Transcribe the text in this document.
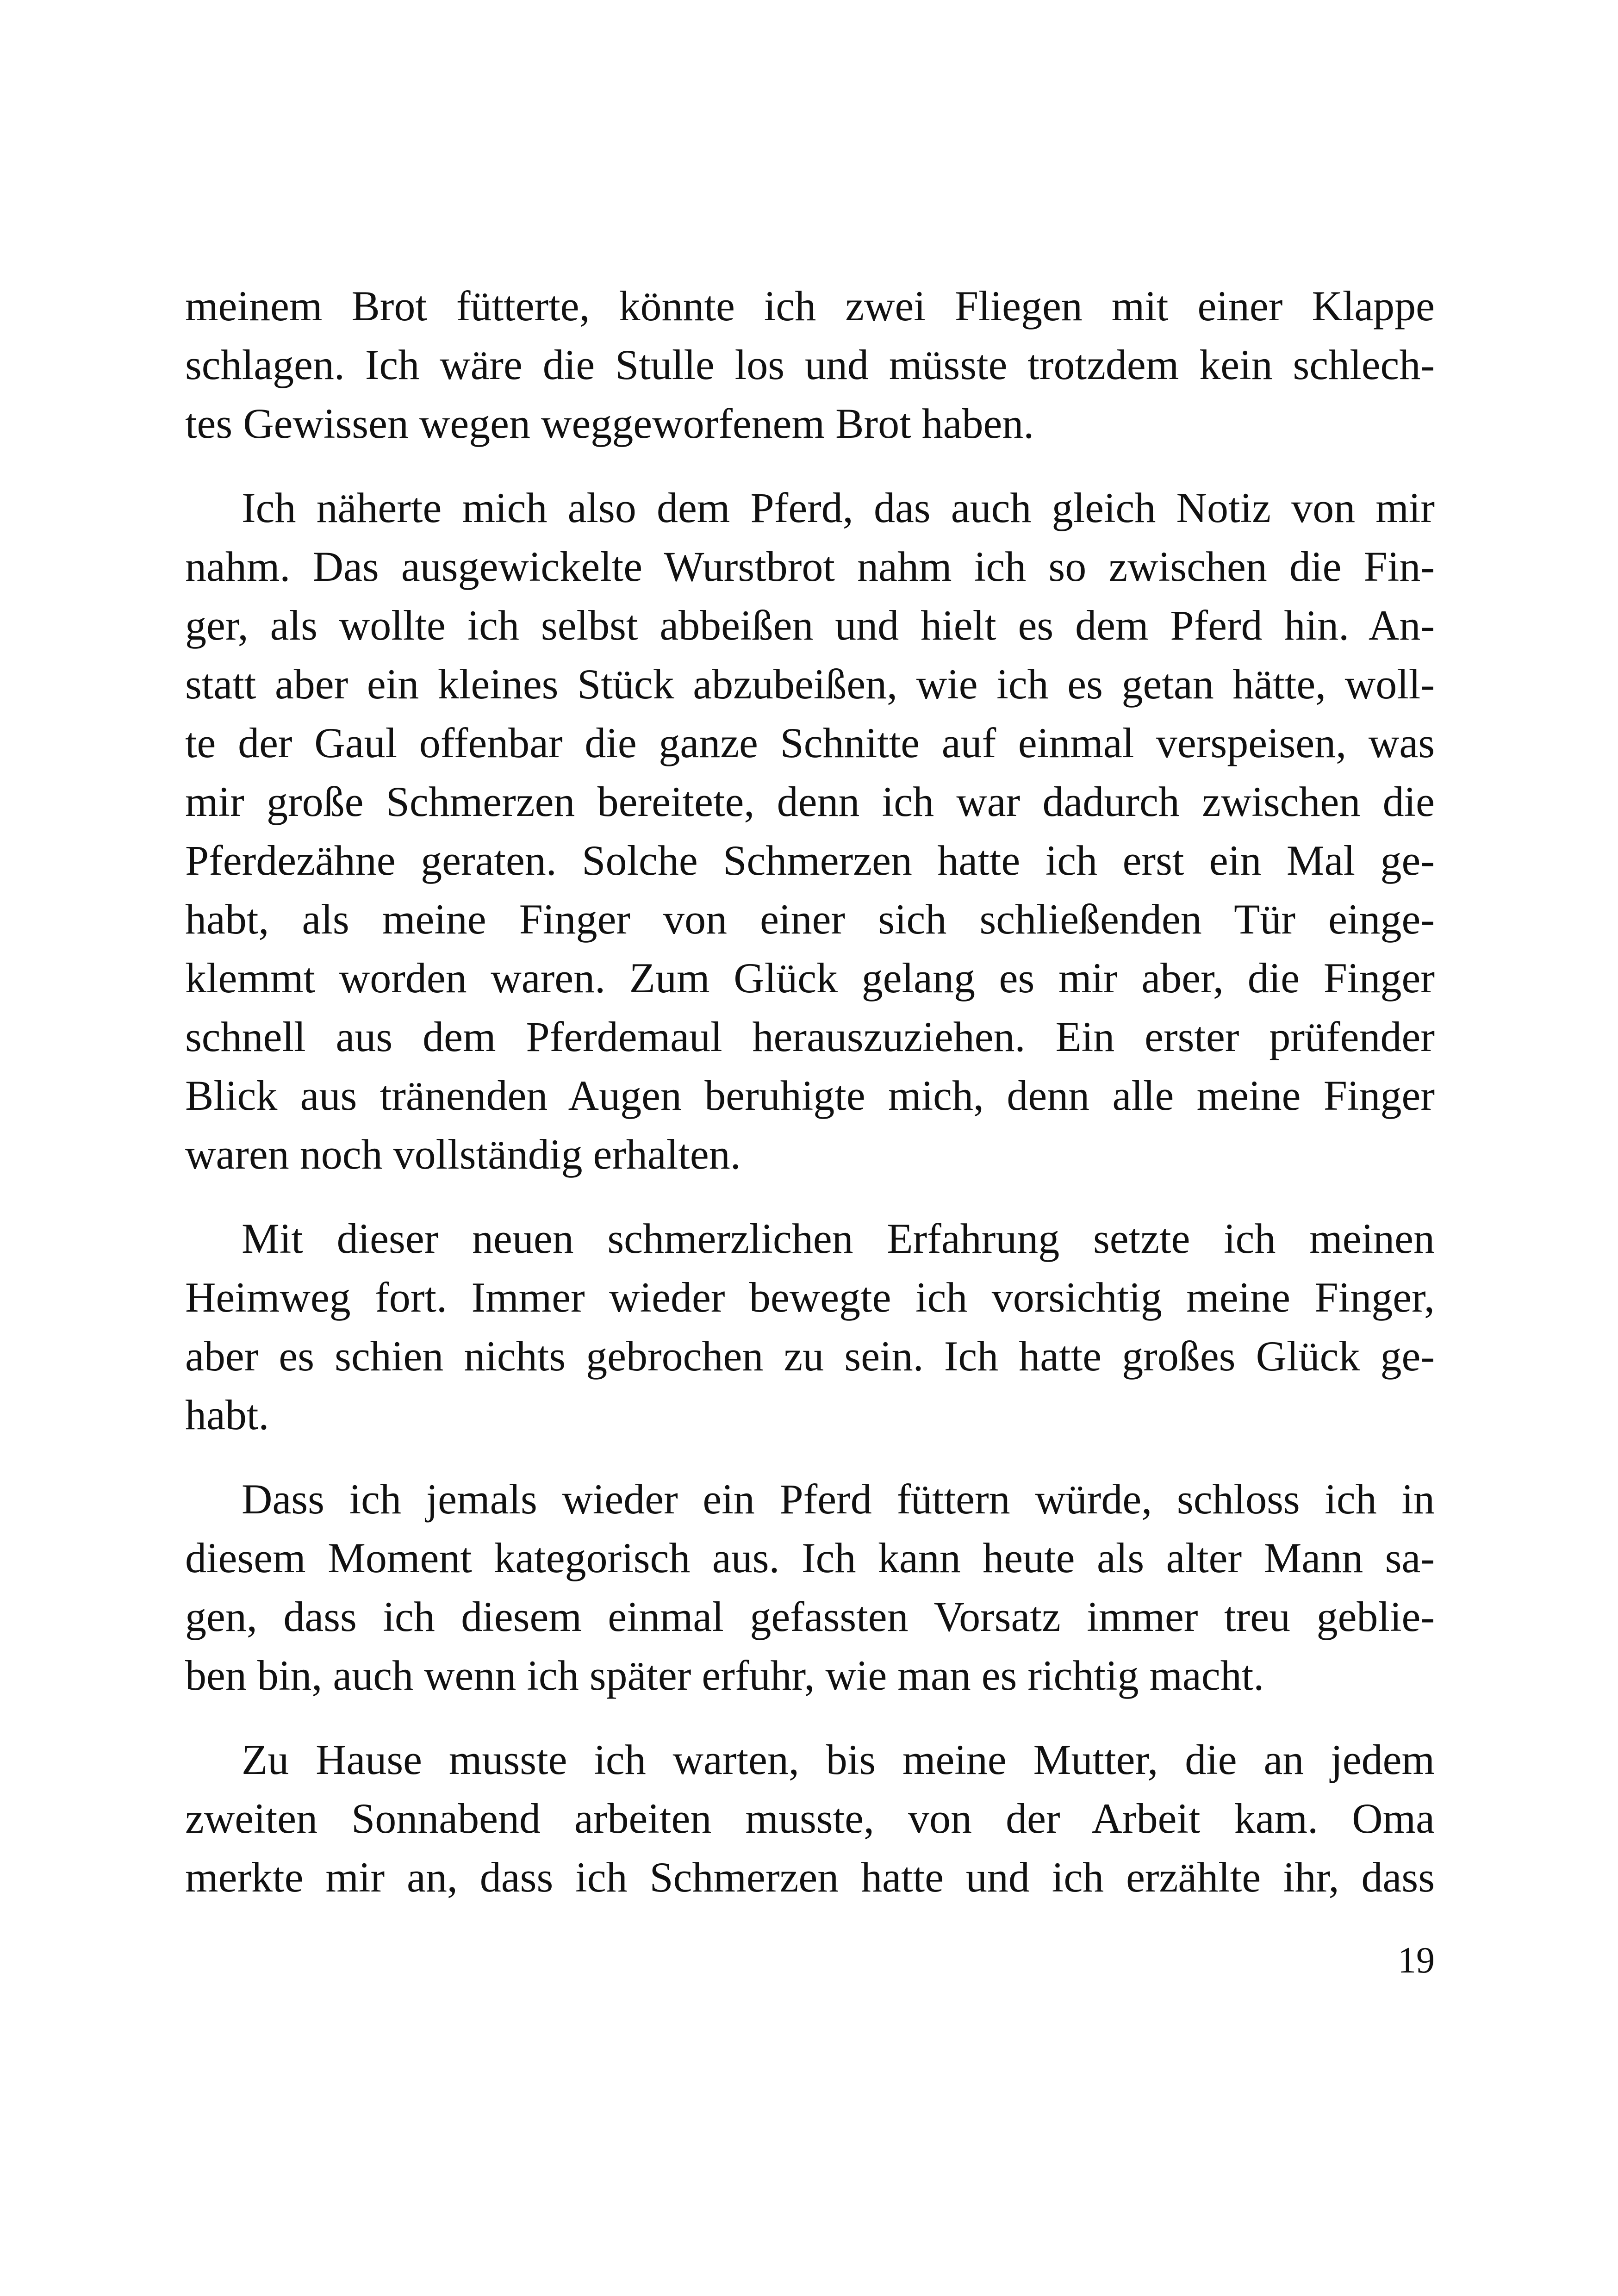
meinem Brot fütterte, könnte ich zwei Fliegen mit einer Klappe
schlagen. Ich wäre die Stulle los und müsste trotzdem kein schlech-
tes Gewissen wegen weggeworfenem Brot haben.
Ich näherte mich also dem Pferd, das auch gleich Notiz von mir
nahm. Das ausgewickelte Wurstbrot nahm ich so zwischen die Fin-
ger, als wollte ich selbst abbeißen und hielt es dem Pferd hin. An-
statt aber ein kleines Stück abzubeißen, wie ich es getan hätte, woll-
te der Gaul offenbar die ganze Schnitte auf einmal verspeisen, was
mir große Schmerzen bereitete, denn ich war dadurch zwischen die
Pferdezähne geraten. Solche Schmerzen hatte ich erst ein Mal ge-
habt, als meine Finger von einer sich schließenden Tür einge-
klemmt worden waren. Zum Glück gelang es mir aber, die Finger
schnell aus dem Pferdemaul herauszuziehen. Ein erster prüfender
Blick aus tränenden Augen beruhigte mich, denn alle meine Finger
waren noch vollständig erhalten.
Mit dieser neuen schmerzlichen Erfahrung setzte ich meinen
Heimweg fort. Immer wieder bewegte ich vorsichtig meine Finger,
aber es schien nichts gebrochen zu sein. Ich hatte großes Glück ge-
habt.
Dass ich jemals wieder ein Pferd füttern würde, schloss ich in
diesem Moment kategorisch aus. Ich kann heute als alter Mann sa-
gen, dass ich diesem einmal gefassten Vorsatz immer treu geblie-
ben bin, auch wenn ich später erfuhr, wie man es richtig macht.
Zu Hause musste ich warten, bis meine Mutter, die an jedem
zweiten Sonnabend arbeiten musste, von der Arbeit kam. Oma
merkte mir an, dass ich Schmerzen hatte und ich erzählte ihr, dass
19
